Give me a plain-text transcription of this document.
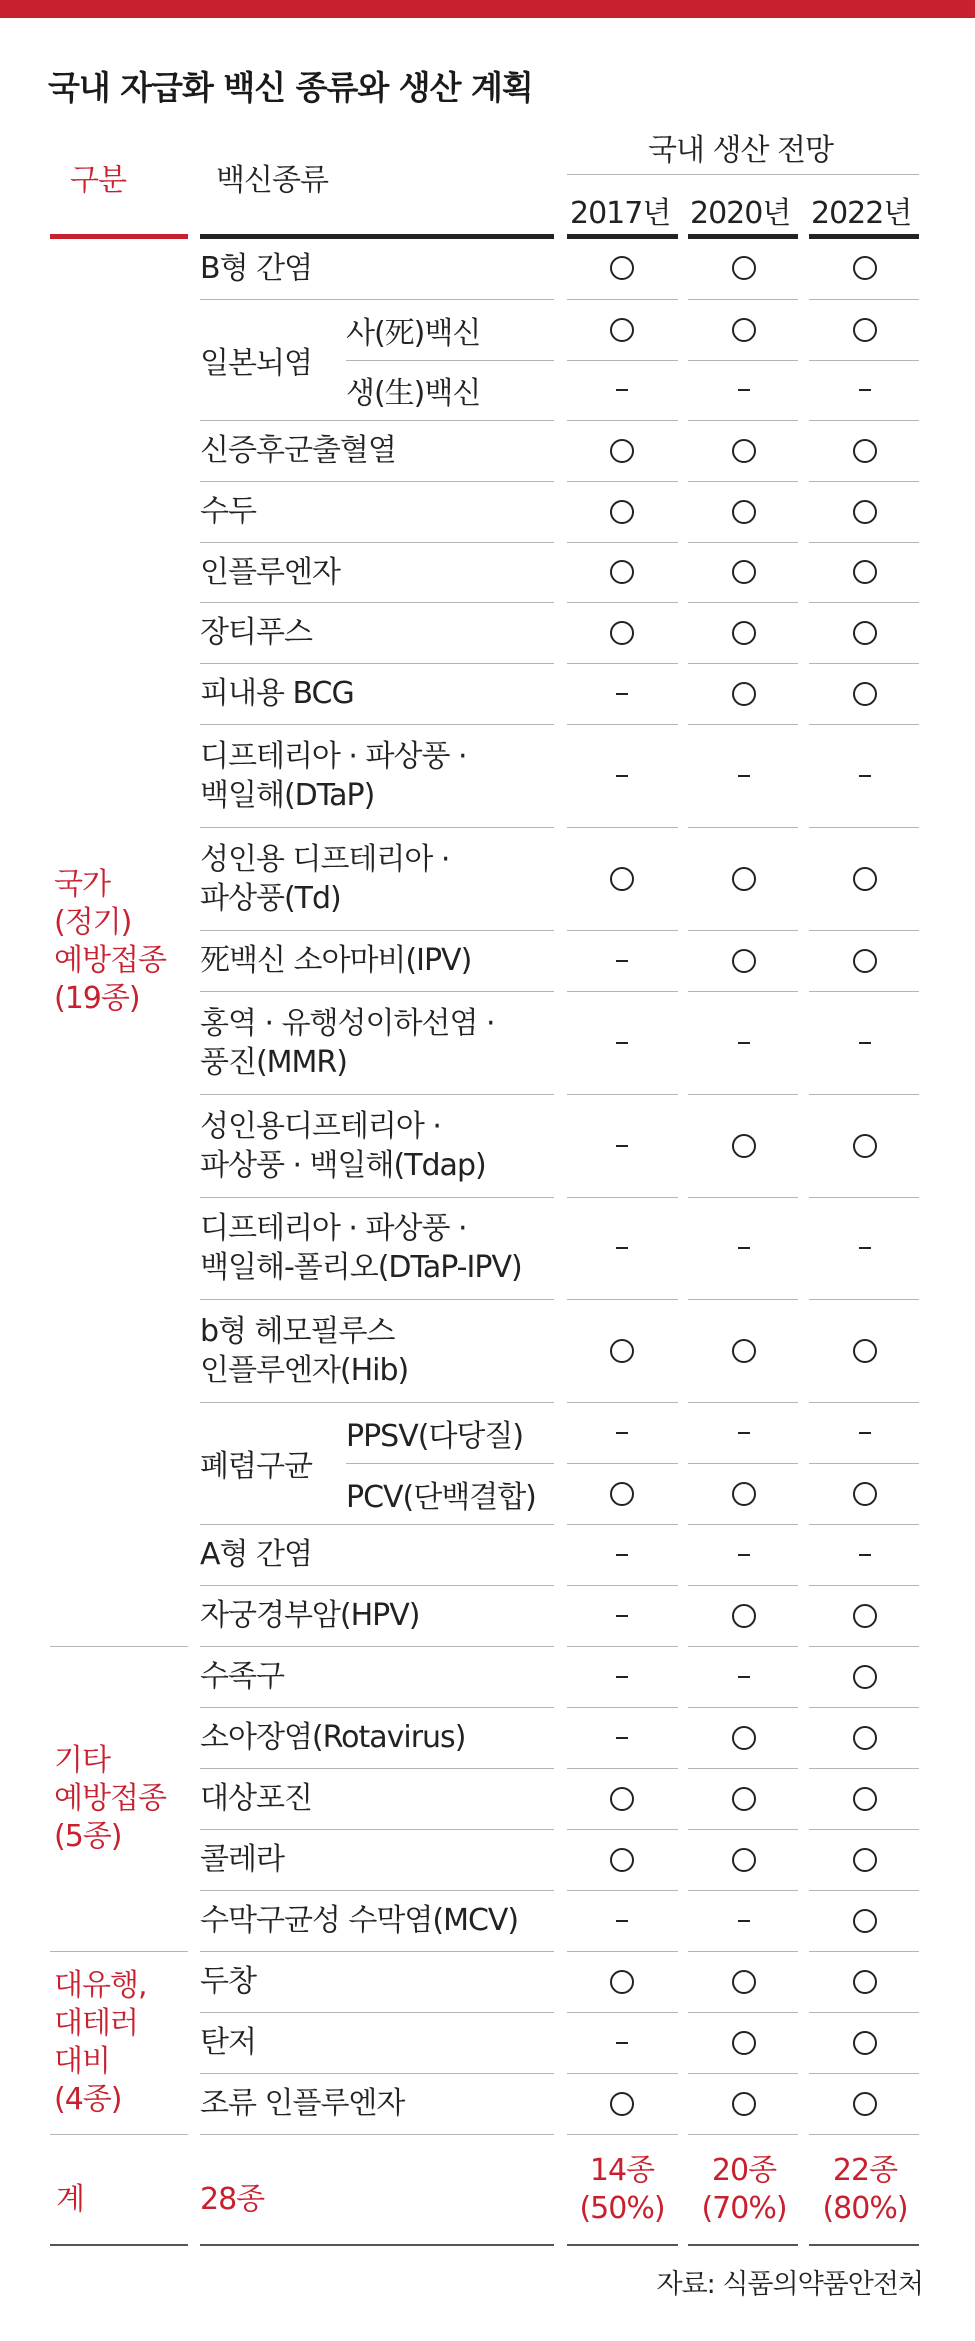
국내 자급화 백신 종류와 생산 계획
구분	백신종류
국내 생산 전망
2017년 2020년 2022년
B형 간염
사(死)백신
생(生)백신
신증후군출혈열
수두
인플루엔자
장티푸스
피내용 BCG
디프테리아 · 파상풍 ·
백일해(DTaP)
성인용 디프테리아 ·
파상풍(Td)
死백신 소아마비(IPV)
홍역 · 유행성이하선염 ·
풍진(MMR)
성인용디프테리아 ·
파상풍 · 백일해(Tdap)
디프테리아 · 파상풍 ·
백일해-폴리오(DTaP-IPV)
b형 헤모필루스
인플루엔자(Hib)
PPSV(다당질)
PCV(단백결합)
A형 간염
자궁경부암(HPV)
수족구
소아장염(Rotavirus)
대상포진
콜레라
수막구균성 수막염(MCV)
두창
탄저
조류 인플루엔자
일본뇌염
폐렴구균
국가
(정기)
예방접종
(19종)
기타
예방접종
(5종)
대유행,
대테러
대비
(4종)
계	28종
14종
(50%)
20종
(70%)
22종
(80%)
자료: 식품의약품안전처
